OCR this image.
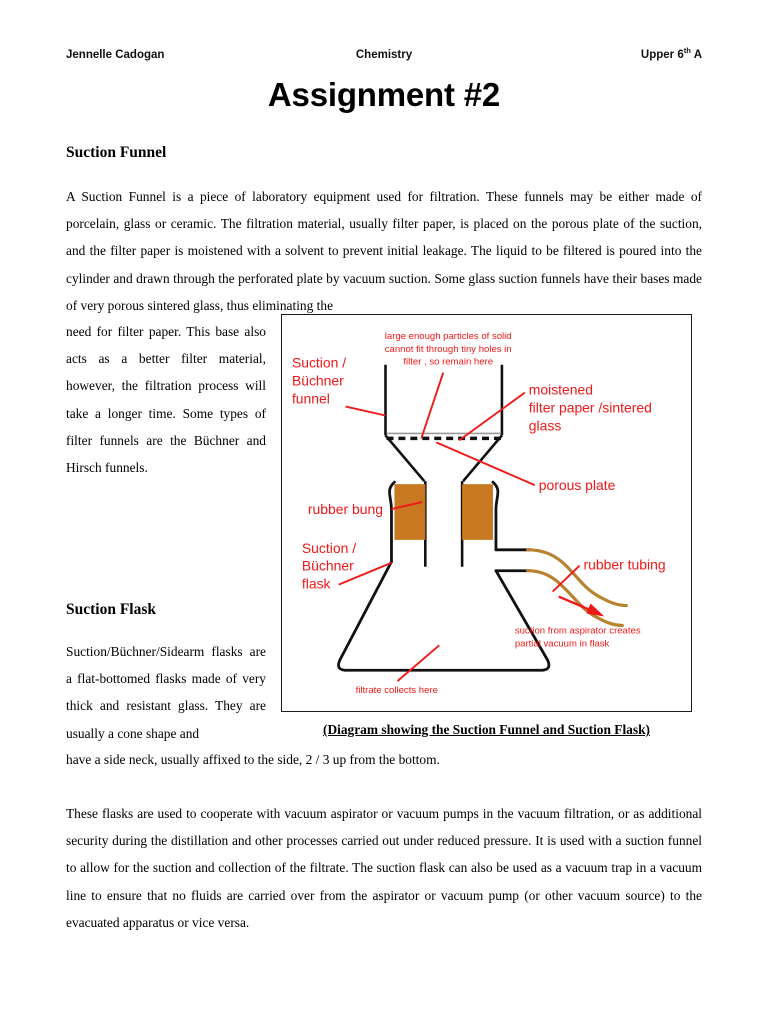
Jennelle Cadogan	Chemistry	Upper 6th A
Assignment #2
Suction Funnel
A Suction Funnel is a piece of laboratory equipment used for filtration. These funnels may be either made of porcelain, glass or ceramic. The filtration material, usually filter paper, is placed on the porous plate of the suction, and the filter paper is moistened with a solvent to prevent initial leakage. The liquid to be filtered is poured into the cylinder and drawn through the perforated plate by vacuum suction. Some glass suction funnels have their bases made of very porous sintered glass, thus eliminating the
need for filter paper. This base also acts as a better filter material, however, the filtration process will take a longer time. Some types of filter funnels are the Büchner and Hirsch funnels.
Suction Flask
Suction/Büchner/Sidearm flasks are a flat-bottomed flasks made of very thick and resistant glass. They are usually a cone shape and
have a side neck, usually affixed to the side, 2 / 3 up from the bottom.
These flasks are used to cooperate with vacuum aspirator or vacuum pumps in the vacuum filtration, or as additional security during the distillation and other processes carried out under reduced pressure. It is used with a suction funnel to allow for the suction and collection of the filtrate. The suction flask can also be used as a vacuum trap in a vacuum line to ensure that no fluids are carried over from the aspirator or vacuum pump (or other vacuum source) to the evacuated apparatus or vice versa.
Suction /
Büchner
funnel
large enough particles of solid
cannot fit through tiny holes in
filter , so remain here
moistened
filter paper /sintered
glass
porous plate
rubber bung
Suction /
Büchner
flask
rubber tubing
suction from aspirator creates
partial vacuum in flask
filtrate collects here
(Diagram showing the Suction Funnel and Suction Flask)
